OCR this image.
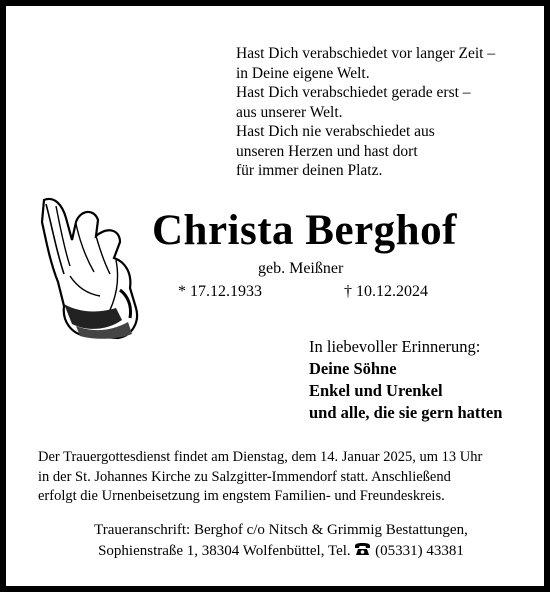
Hast Dich verabschiedet vor langer Zeit –
in Deine eigene Welt.
Hast Dich verabschiedet gerade erst –
aus unserer Welt.
Hast Dich nie verabschiedet aus
unseren Herzen und hast dort
für immer deinen Platz.
Christa Berghof
geb. Meißner
* 17.12.1933	† 10.12.2024
In liebevoller Erinnerung:
Deine Söhne
Enkel und Urenkel
und alle, die sie gern hatten
Der Trauergottesdienst findet am Dienstag, dem 14. Januar 2025, um 13 Uhr
in der St. Johannes Kirche zu Salzgitter-Immendorf statt. Anschließend
erfolgt die Urnenbeisetzung im engstem Familien- und Freundeskreis.
Traueranschrift: Berghof c/o Nitsch & Grimmig Bestattungen,
Sophienstraße 1, 38304 Wolfenbüttel, Tel. (05331) 43381
